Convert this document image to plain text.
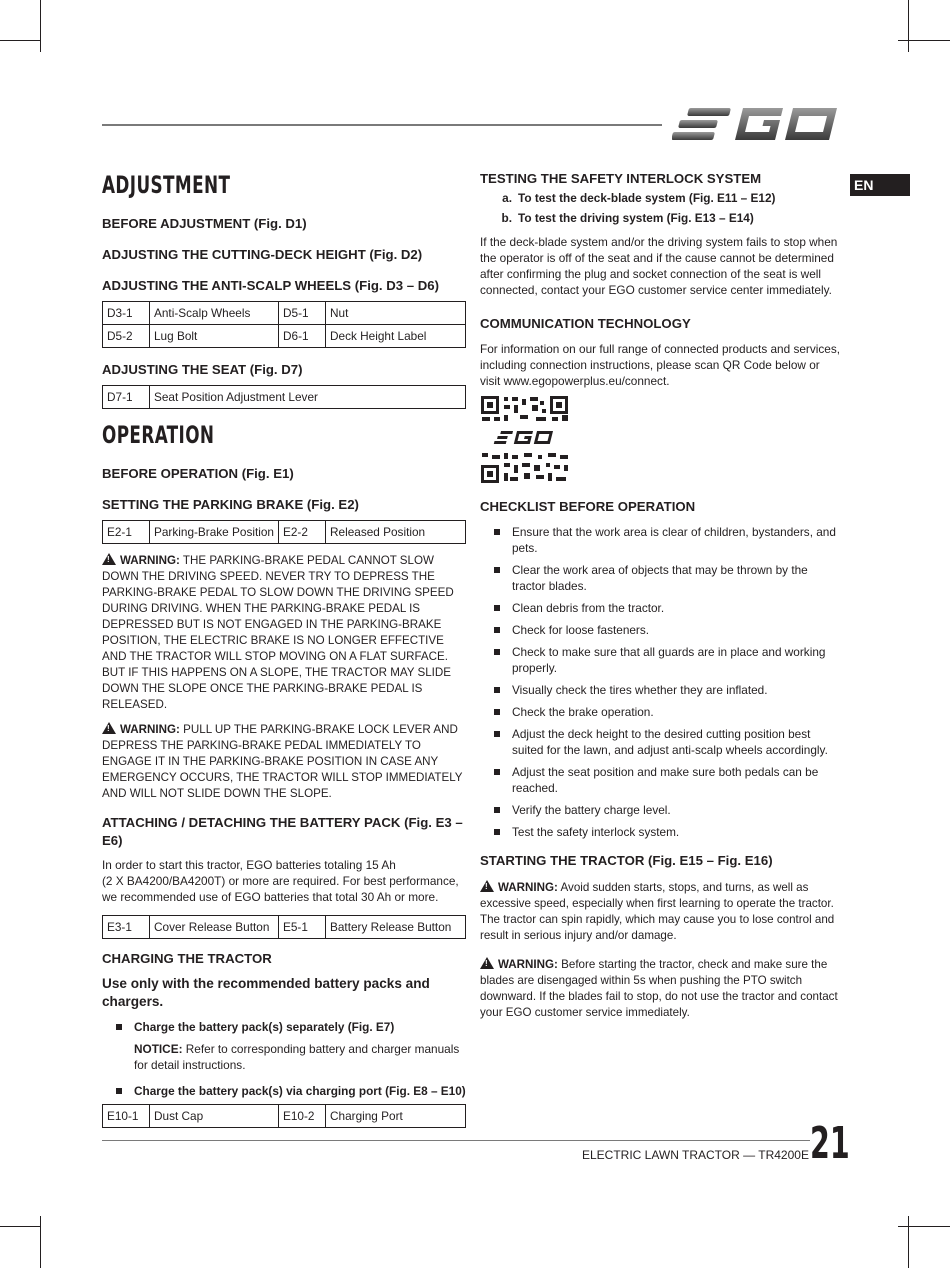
EN
ADJUSTMENT
BEFORE ADJUSTMENT (Fig. D1)
ADJUSTING THE CUTTING-DECK HEIGHT (Fig. D2)
ADJUSTING THE ANTI-SCALP WHEELS (Fig. D3 – D6)
D3-1	Anti-Scalp Wheels	D5-1	Nut
D5-2	Lug Bolt	D6-1	Deck Height Label
ADJUSTING THE SEAT (Fig. D7)
D7-1	Seat Position Adjustment Lever
OPERATION
BEFORE OPERATION (Fig. E1)
SETTING THE PARKING BRAKE (Fig. E2)
E2-1	Parking-Brake Position	E2-2	Released Position

!WARNING: THE PARKING-BRAKE PEDAL CANNOT SLOW DOWN THE DRIVING SPEED. NEVER TRY TO DEPRESS THE PARKING-BRAKE PEDAL TO SLOW DOWN THE DRIVING SPEED DURING DRIVING. WHEN THE PARKING-BRAKE PEDAL IS DEPRESSED BUT IS NOT ENGAGED IN THE PARKING-BRAKE POSITION, THE ELECTRIC BRAKE IS NO LONGER EFFECTIVE AND THE TRACTOR WILL STOP MOVING ON A FLAT SURFACE. BUT IF THIS HAPPENS ON A SLOPE, THE TRACTOR MAY SLIDE DOWN THE SLOPE ONCE THE PARKING-BRAKE PEDAL IS RELEASED.

!WARNING: PULL UP THE PARKING-BRAKE LOCK LEVER AND DEPRESS THE PARKING-BRAKE PEDAL IMMEDIATELY TO ENGAGE IT IN THE PARKING-BRAKE POSITION IN CASE ANY EMERGENCY OCCURS, THE TRACTOR WILL STOP IMMEDIATELY AND WILL NOT SLIDE DOWN THE SLOPE.

ATTACHING / DETACHING THE BATTERY PACK (Fig. E3 – E6)

In order to start this tractor, EGO batteries totaling 15 Ah

(2 X BA4200/BA4200T) or more are required. For best performance,

we recommended use of EGO batteries that total 30 Ah or more.

E3-1	Cover Release Button	E5-1	Battery Release Button
CHARGING THE TRACTOR
Use only with the recommended battery packs and chargers.
Charge the battery pack(s) separately (Fig. E7)
NOTICE: Refer to corresponding battery and charger manuals for detail instructions.
Charge the battery pack(s) via charging port (Fig. E8 – E10)
E10-1	Dust Cap	E10-2	Charging Port
TESTING THE SAFETY INTERLOCK SYSTEM
a. To test the deck-blade system (Fig. E11 – E12)
b. To test the driving system (Fig. E13 – E14)

If the deck-blade system and/or the driving system fails to stop when the operator is off of the seat and if the cause cannot be determined after confirming the plug and socket connection of the seat is well connected, contact your EGO customer service center immediately.

COMMUNICATION TECHNOLOGY

For information on our full range of connected products and services, including connection instructions, please scan QR Code below or visit www.egopowerplus.eu/connect.

CHECKLIST BEFORE OPERATION
Ensure that the work area is clear of children, bystanders, and pets.
Clear the work area of objects that may be thrown by the tractor blades.
Clean debris from the tractor.
Check for loose fasteners.
Check to make sure that all guards are in place and working properly.
Visually check the tires whether they are inflated.
Check the brake operation.
Adjust the deck height to the desired cutting position best suited for the lawn, and adjust anti-scalp wheels accordingly.
Adjust the seat position and make sure both pedals can be reached.
Verify the battery charge level.
Test the safety interlock system.
STARTING THE TRACTOR (Fig. E15 – Fig. E16)

!WARNING: Avoid sudden starts, stops, and turns, as well as excessive speed, especially when first learning to operate the tractor. The tractor can spin rapidly, which may cause you to lose control and result in serious injury and/or damage.

!WARNING: Before starting the tractor, check and make sure the blades are disengaged within 5s when pushing the PTO switch downward. If the blades fail to stop, do not use the tractor and contact your EGO customer service immediately.

ELECTRIC LAWN TRACTOR — TR4200E 21
